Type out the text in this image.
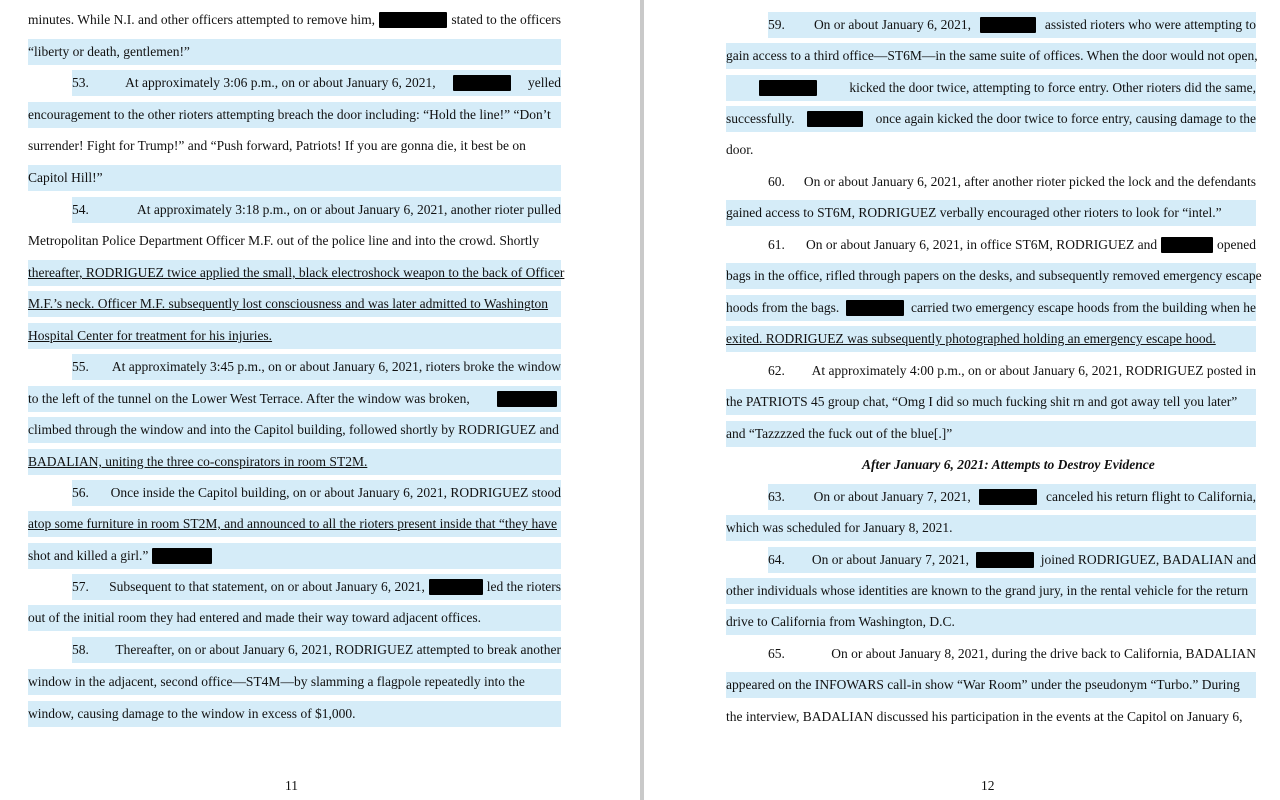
minutes. While N.I. and other officers attempted to remove him,	stated to the officers
“liberty or death, gentlemen!”
53.	At approximately 3:06 p.m., on or about January 6, 2021,	yelled
encouragement to the other rioters attempting breach the door including: “Hold the line!” “Don’t
surrender! Fight for Trump!” and “Push forward, Patriots! If you are gonna die, it best be on
Capitol Hill!”
54.	At approximately 3:18 p.m., on or about January 6, 2021, another rioter pulled
Metropolitan Police Department Officer M.F. out of the police line and into the crowd. Shortly
thereafter, RODRIGUEZ twice applied the small, black electroshock weapon to the back of Officer
M.F.’s neck. Officer M.F. subsequently lost consciousness and was later admitted to Washington
Hospital Center for treatment for his injuries.
55.	At approximately 3:45 p.m., on or about January 6, 2021, rioters broke the window
to the left of the tunnel on the Lower West Terrace. After the window was broken,
climbed through the window and into the Capitol building, followed shortly by RODRIGUEZ and
BADALIAN, uniting the three co-conspirators in room ST2M.
56.	Once inside the Capitol building, on or about January 6, 2021, RODRIGUEZ stood
atop some furniture in room ST2M, and announced to all the rioters present inside that “they have
shot and killed a girl.”
57.	Subsequent to that statement, on or about January 6, 2021,	led the rioters
out of the initial room they had entered and made their way toward adjacent offices.
58.	Thereafter, on or about January 6, 2021, RODRIGUEZ attempted to break another
window in the adjacent, second office—ST4M—by slamming a flagpole repeatedly into the
window, causing damage to the window in excess of $1,000.
11
59.	On or about January 6, 2021,	assisted rioters who were attempting to
gain access to a third office—ST6M—in the same suite of offices. When the door would not open,
kicked the door twice, attempting to force entry. Other rioters did the same,
successfully.	once again kicked the door twice to force entry, causing damage to the
door.
60.	On or about January 6, 2021, after another rioter picked the lock and the defendants
gained access to ST6M, RODRIGUEZ verbally encouraged other rioters to look for “intel.”
61.	On or about January 6, 2021, in office ST6M, RODRIGUEZ and	opened
bags in the office, rifled through papers on the desks, and subsequently removed emergency escape
hoods from the bags.	carried two emergency escape hoods from the building when he
exited. RODRIGUEZ was subsequently photographed holding an emergency escape hood.
62.	At approximately 4:00 p.m., on or about January 6, 2021, RODRIGUEZ posted in
the PATRIOTS 45 group chat, “Omg I did so much fucking shit rn and got away tell you later”
and “Tazzzzed the fuck out of the blue[.]”
63.	On or about January 7, 2021,	canceled his return flight to California,
which was scheduled for January 8, 2021.
64.	On or about January 7, 2021,	joined RODRIGUEZ, BADALIAN and
other individuals whose identities are known to the grand jury, in the rental vehicle for the return
drive to California from Washington, D.C.
65.	On or about January 8, 2021, during the drive back to California, BADALIAN
appeared on the INFOWARS call-in show “War Room” under the pseudonym “Turbo.” During
the interview, BADALIAN discussed his participation in the events at the Capitol on January 6,
After January 6, 2021: Attempts to Destroy Evidence
12
